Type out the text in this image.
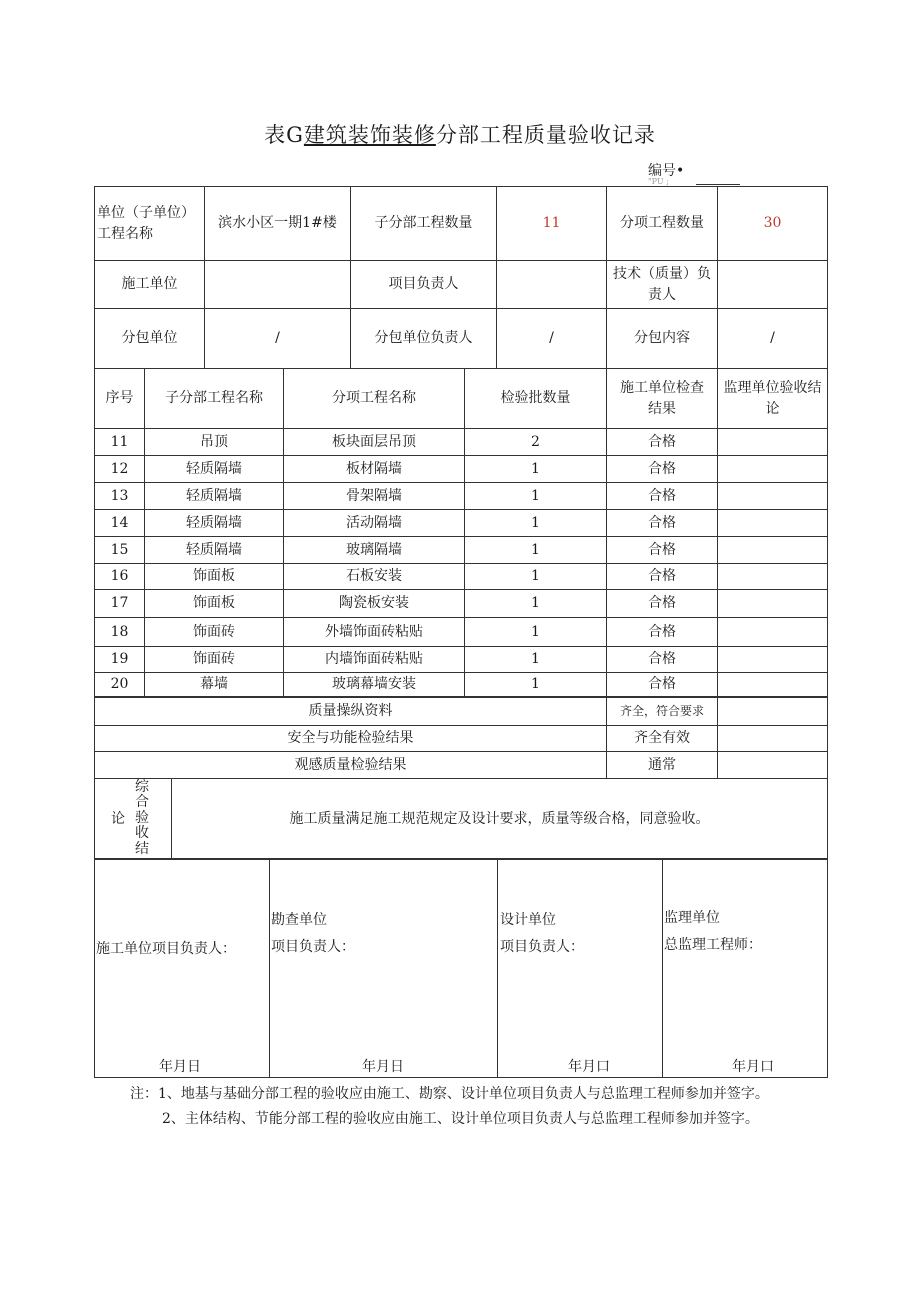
表G建筑装饰装修分部工程质量验收记录
编号•
"PU ;
单位（子单位）工程名称	滨水小区一期1#楼	子分部工程数量	11	分项工程数量	30
施工单位		项目负责人		技术（质量）负责人	

分包单位	/	分包单位负责人	/	分包内容	/
序号	子分部工程名称	分项工程名称	检验批数量	施工单位检查结果	监理单位验收结论
11	吊顶	板块面层吊顶	2	合格	
12	轻质隔墙	板材隔墙	1	合格	
13	轻质隔墙	骨架隔墙	1	合格	
14	轻质隔墙	活动隔墙	1	合格	
15	轻质隔墙	玻璃隔墙	1	合格	
16	饰面板	石板安装	1	合格	
17	饰面板	陶瓷板安装	1	合格	
18	饰面砖	外墙饰面砖粘贴	1	合格	
19	饰面砖	内墙饰面砖粘贴	1	合格	
20	幕墙	玻璃幕墙安装	1	合格	
质量操纵资料	齐全，符合要求	
安全与功能检验结果	齐全有效	
观感质量检验结果	通常	
论
综
合
验
收
结
	施工质量满足施工规范规定及设计要求，质量等级合格，同意验收。
施工单位项目负责人：
年月日

勘查单位
项目负责人：
年月日

设计单位
项目负责人：
年月口

监理单位
总监理工程师：
年月口
注：1、地基与基础分部工程的验收应由施工、勘察、设计单位项目负责人与总监理工程师参加并签字。
2、主体结构、节能分部工程的验收应由施工、设计单位项目负责人与总监理工程师参加并签字。
